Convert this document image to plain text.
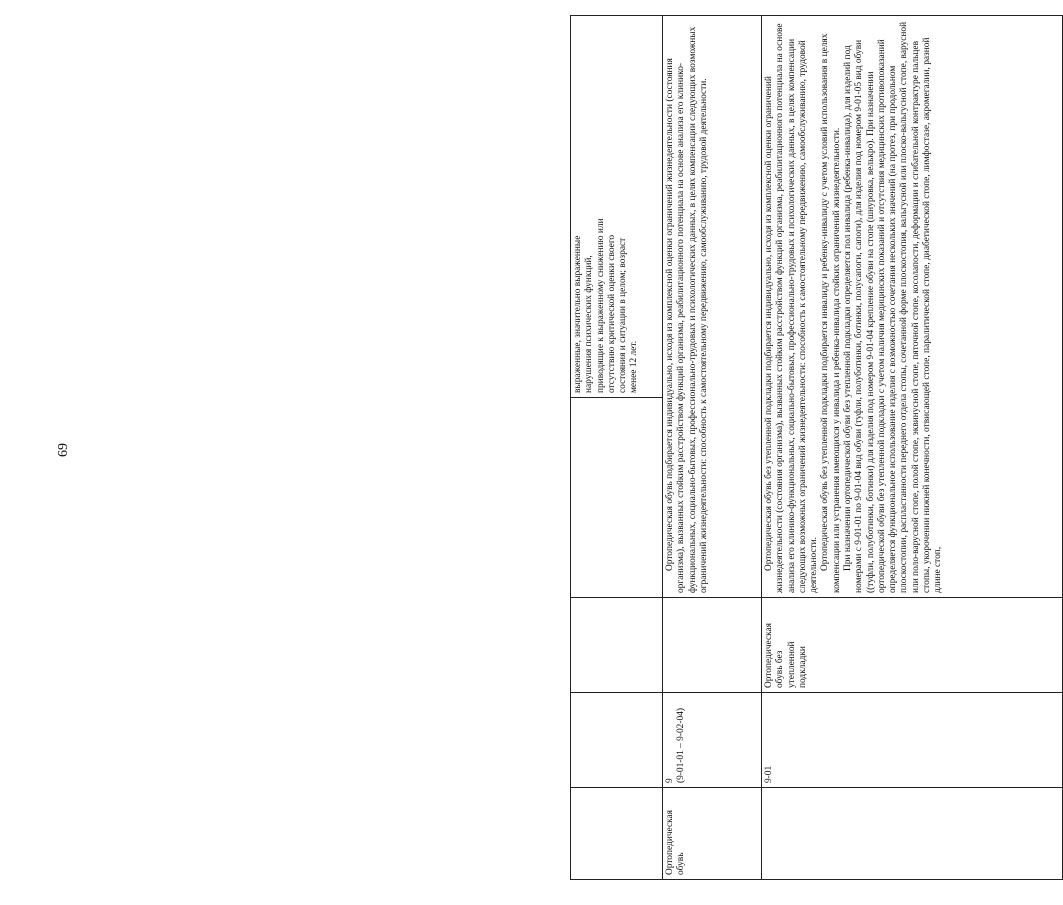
69

				выраженные, значительно выраженные нарушения психических функций, приводящие к выраженному снижению или отсутствию критической оценки своего состояния и ситуации в целом; возраст менее 12 лет.

Ортопедическая обувь	9 (9-01-01 – 9-02-04)		Ортопедическая обувь подбирается индивидуально, исходя из комплексной оценки ограничений жизнедеятельности (состояния организма), вызванных стойким расстройством функций организма, реабилитационного потенциала на основе анализа его клинико-функциональных, социально-бытовых, профессионально-трудовых и психологических данных, в целях компенсации следующих возможных ограничений жизнедеятельности: способность к самостоятельному передвижению, самообслуживанию, трудовой деятельности.	

	9-01	Ортопедическая обувь без утепленной подкладки	Ортопедическая обувь без утепленной подкладки подбирается индивидуально, исходя из комплексной оценки ограничений жизнедеятельности (состояния организма), вызванных стойким расстройством функций организма, реабилитационного потенциала на основе анализа его клинико-функциональных, социально-бытовых, профессионально-трудовых и психологических данных, в целях компенсации следующих возможных ограничений жизнедеятельности: способность к самостоятельному передвижению, самообслуживанию, трудовой деятельности. Ортопедическая обувь без утепленной подкладки подбирается инвалиду и ребенку-инвалиду с учетом условий использования в целях компенсации или устранения имеющихся у инвалида и ребенка-инвалида стойких ограничений жизнедеятельности. При назначении ортопедической обуви без утепленной подкладки определяется пол инвалида (ребенка-инвалида), для изделий под номерами с 9-01-01 по 9-01-04 вид обуви (туфли, полуботинки, ботинки, полусапоги, сапоги), для изделия под номером 9-01-05 вид обуви ((туфли, полуботинки, ботинки) для изделия под номером 9-01-04 крепление обуви на стопе (шнуровка, велькро). При назначении ортопедической обуви без утепленной подкладки с учетом наличия медицинских показаний и отсутствия медицинских противопоказаний определяется функциональное использование изделия с возможностью сочетания нескольких значений (на протез, при продольном плоскостопии, распластанности переднего отдела стопы, сочетанной форме плоскостопия, вальгусной или плоско-вальгусной стопе, варусной или поло-варусной стопе, полой стопе, эквинусной стопе, пяточной стопе, косолапости, деформации и сгибательной контрактуре пальцев стопы, укорочении нижней конечности, отвисающей стопе, паралитической стопе, диабетической стопе, лимфостазе, акромегалии, разной длине стоп,	
